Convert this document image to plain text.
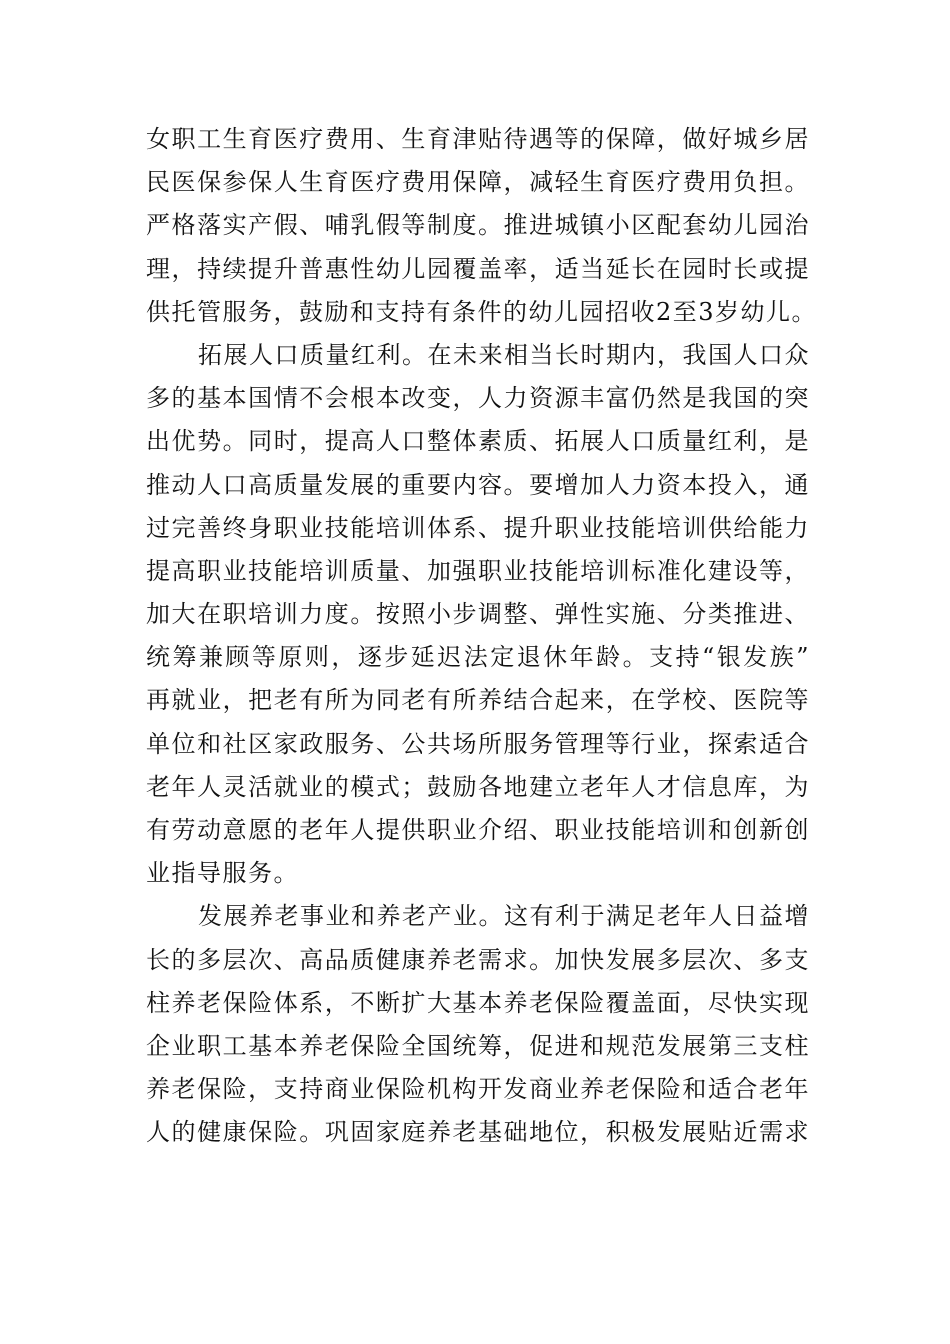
女职工生育医疗费用、生育津贴待遇等的保障，做好城乡居
民医保参保人生育医疗费用保障，减轻生育医疗费用负担。
严格落实产假、哺乳假等制度。推进城镇小区配套幼儿园治
理，持续提升普惠性幼儿园覆盖率，适当延长在园时长或提
供托管服务，鼓励和支持有条件的幼儿园招收2至3岁幼儿。
拓展人口质量红利。在未来相当长时期内，我国人口众
多的基本国情不会根本改变，人力资源丰富仍然是我国的突
出优势。同时，提高人口整体素质、拓展人口质量红利，是
推动人口高质量发展的重要内容。要增加人力资本投入，通
过完善终身职业技能培训体系、提升职业技能培训供给能力
提高职业技能培训质量、加强职业技能培训标准化建设等，
加大在职培训力度。按照小步调整、弹性实施、分类推进、
统筹兼顾等原则，逐步延迟法定退休年龄。支持“银发族”
再就业，把老有所为同老有所养结合起来，在学校、医院等
单位和社区家政服务、公共场所服务管理等行业，探索适合
老年人灵活就业的模式；鼓励各地建立老年人才信息库，为
有劳动意愿的老年人提供职业介绍、职业技能培训和创新创
业指导服务。
发展养老事业和养老产业。这有利于满足老年人日益增
长的多层次、高品质健康养老需求。加快发展多层次、多支
柱养老保险体系，不断扩大基本养老保险覆盖面，尽快实现
企业职工基本养老保险全国统筹，促进和规范发展第三支柱
养老保险，支持商业保险机构开发商业养老保险和适合老年
人的健康保险。巩固家庭养老基础地位，积极发展贴近需求
